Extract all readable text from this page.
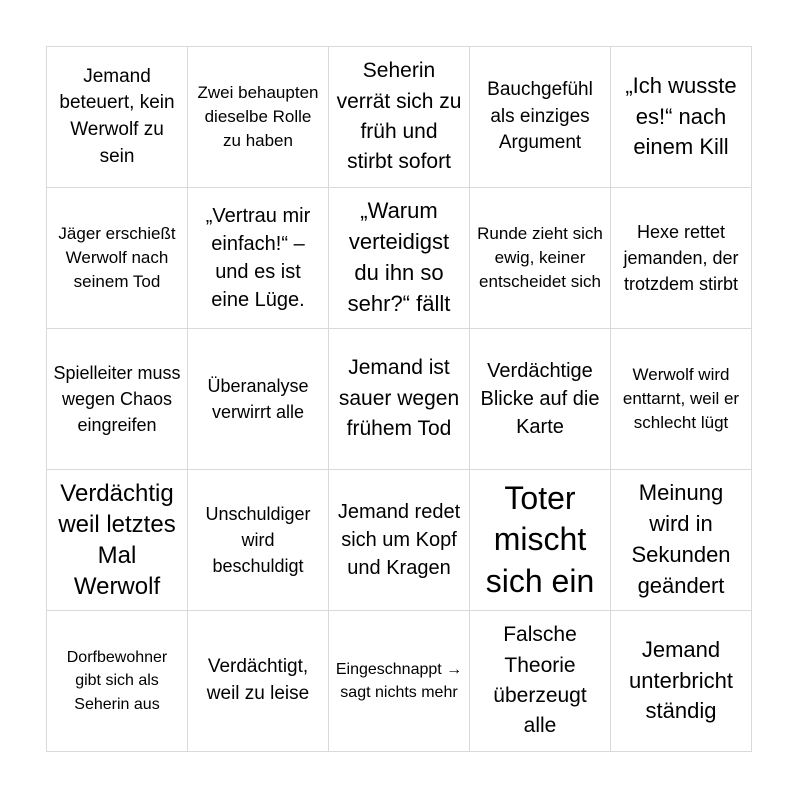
Jemand beteuert, kein Werwolf zu sein
Zwei behaupten dieselbe Rolle zu haben
Seherin verrät sich zu früh und stirbt sofort
Bauchgefühl als einziges Argument
„Ich wusste es!“ nach einem Kill
Jäger erschießt Werwolf nach seinem Tod
„Vertrau mir einfach!“ – und es ist eine Lüge.
„Warum verteidigst du ihn so sehr?“ fällt
Runde zieht sich ewig, keiner entscheidet sich
Hexe rettet jemanden, der trotzdem stirbt
Spielleiter muss wegen Chaos eingreifen
Überanalyse verwirrt alle
Jemand ist sauer wegen frühem Tod
Verdächtige Blicke auf die Karte
Werwolf wird enttarnt, weil er schlecht lügt
Verdächtig weil letztes Mal Werwolf
Unschuldiger wird beschuldigt
Jemand redet sich um Kopf und Kragen
Toter mischt sich ein
Meinung wird in Sekunden geändert
Dorfbewohner gibt sich als Seherin aus
Verdächtigt, weil zu leise
Eingeschnappt → sagt nichts mehr
Falsche Theorie überzeugt alle
Jemand unterbricht ständig
